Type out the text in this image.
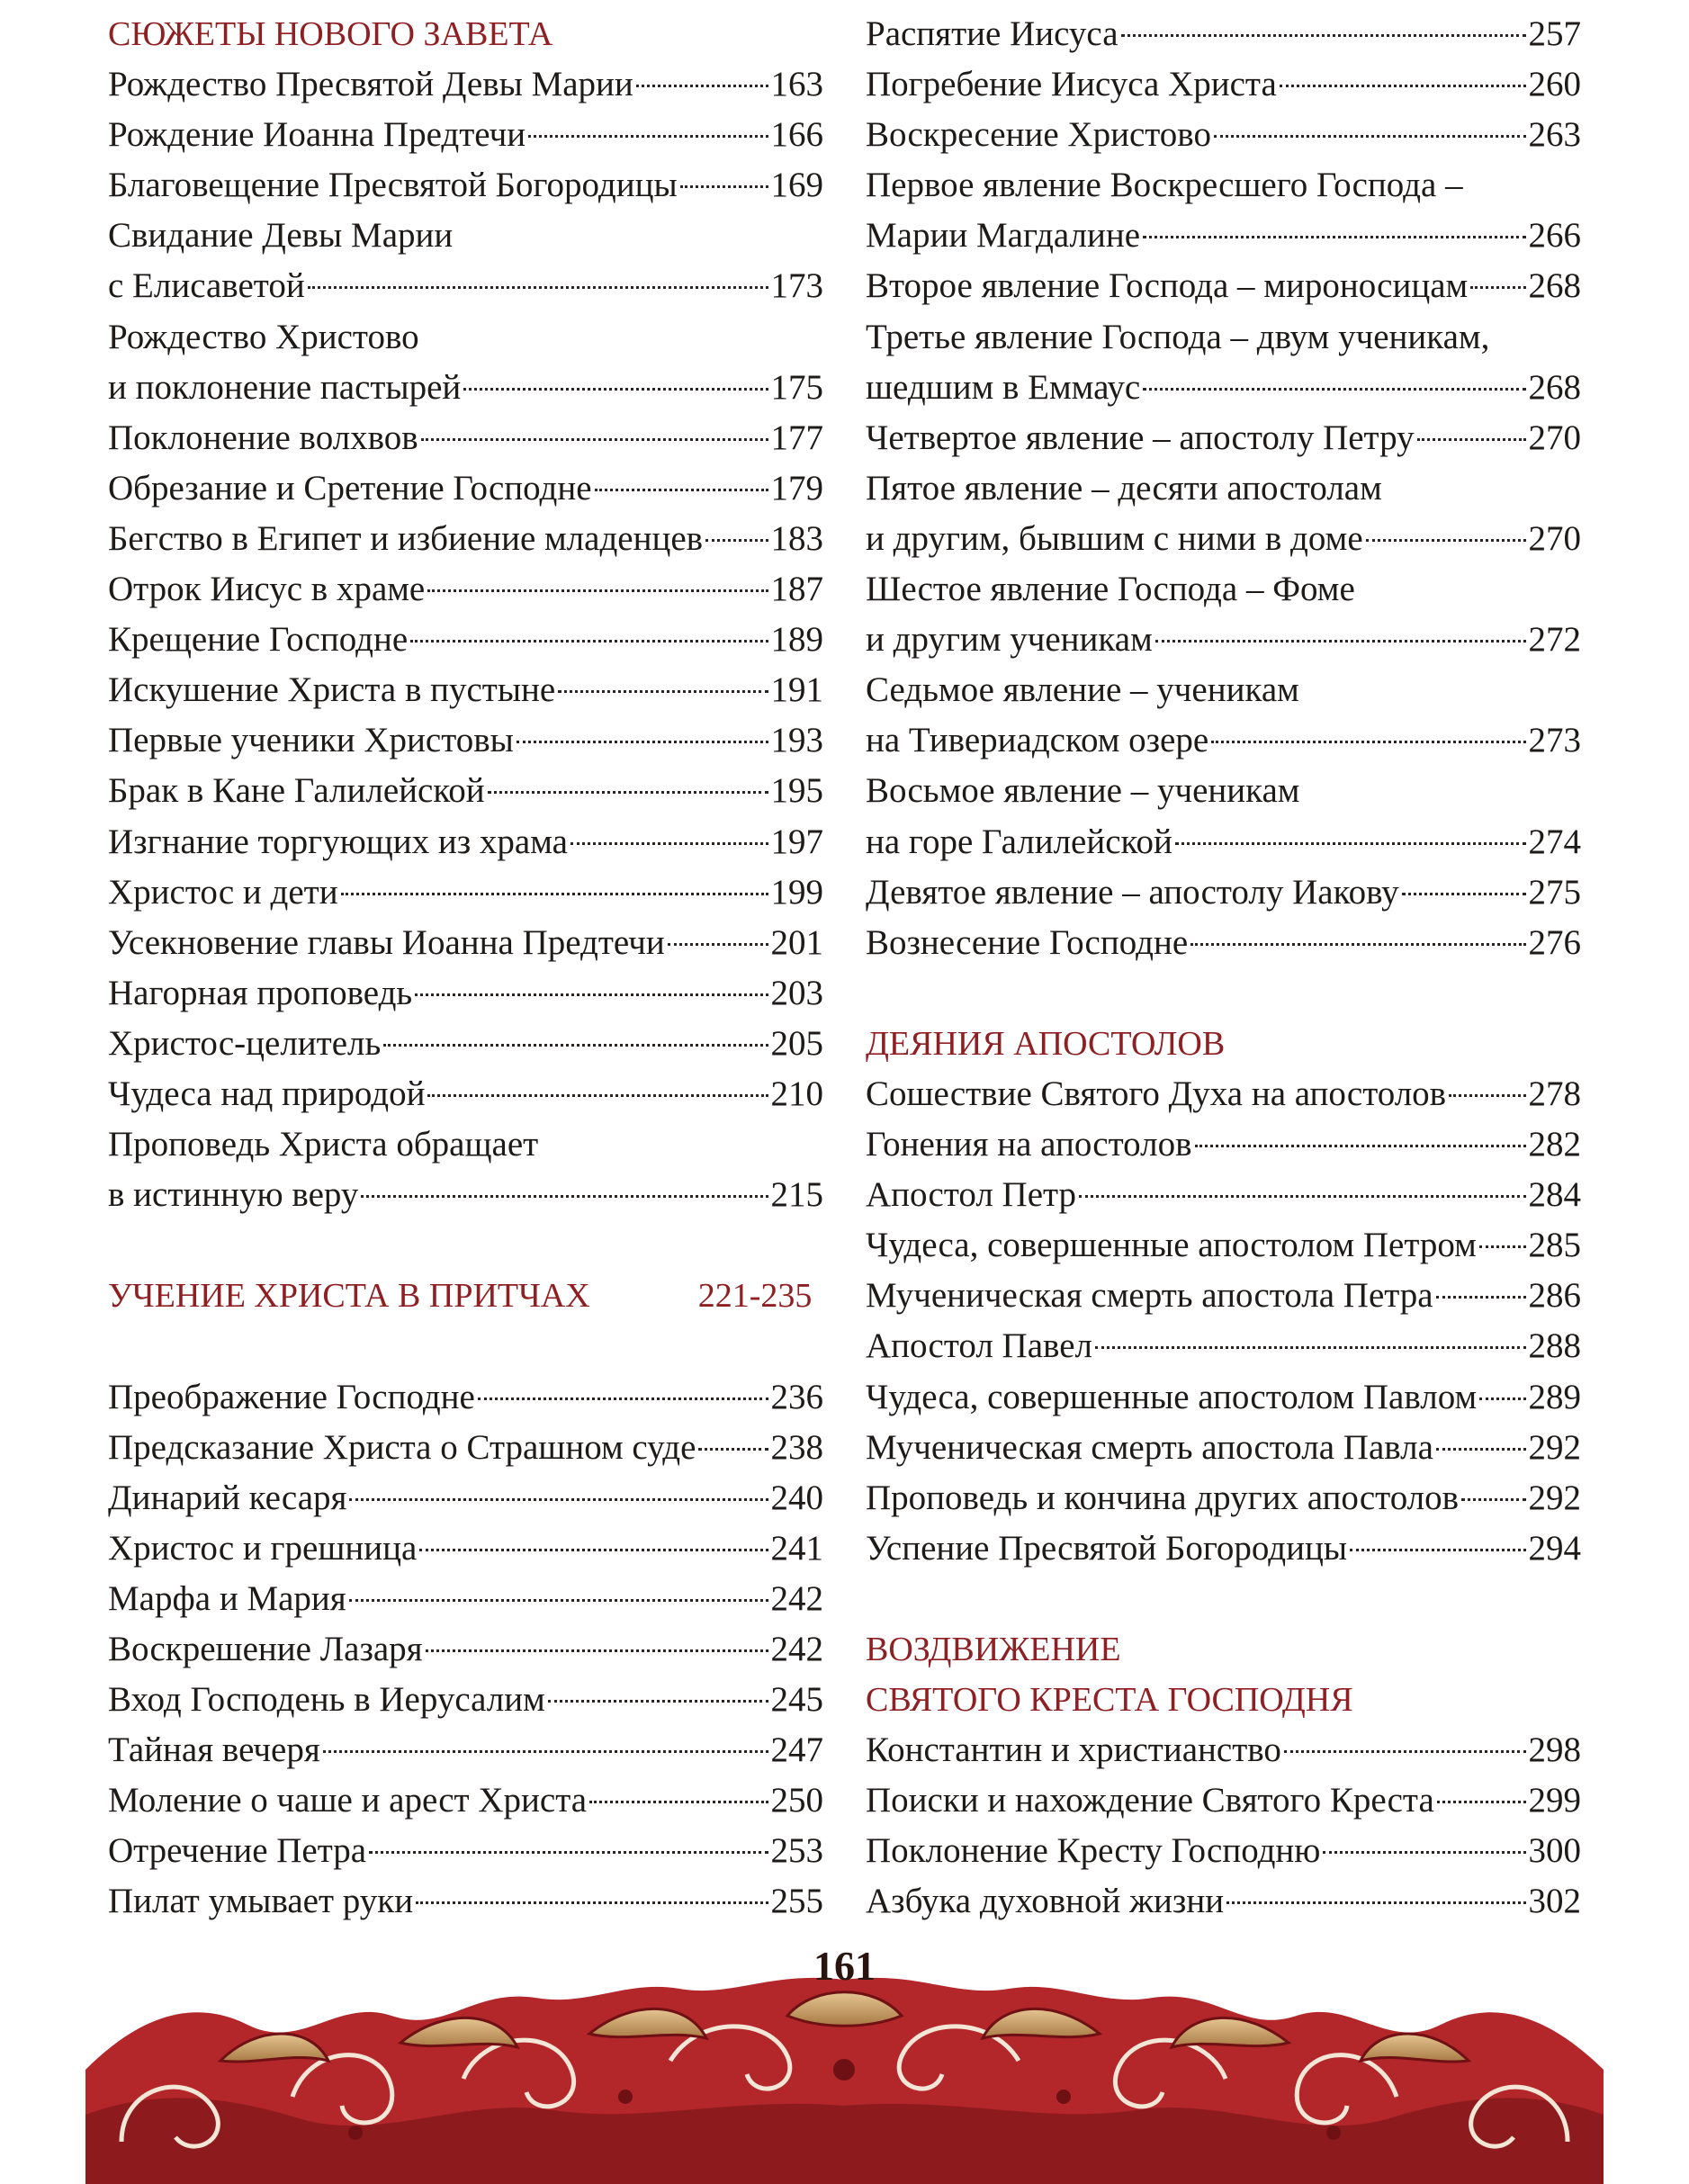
СЮЖЕТЫ НОВОГО ЗАВЕТА
Рождество Пресвятой Девы Марии	163
Рождение Иоанна Предтечи	166
Благовещение Пресвятой Богородицы	169
Свидание Девы Марии
с Елисаветой	173
Рождество Христово
и поклонение пастырей	175
Поклонение волхвов	177
Обрезание и Сретение Господне	179
Бегство в Египет и избиение младенцев 183
Отрок Иисус в храме	187
Крещение Господне	189
Искушение Христа в пустыне	191
Первые ученики Христовы	193
Брак в Кане Галилейской	195
Изгнание торгующих из храма	197
Христос и дети	199
Усекновение главы Иоанна Предтечи	201
Нагорная проповедь	203
Христос-целитель	205
Чудеса над природой	210
Проповедь Христа обращает
в истинную веру	215
УЧЕНИЕ ХРИСТА В ПРИТЧАХ	221-235
Преображение Господне	236
Предсказание Христа о Страшном суде 238
Динарий кесаря	240
Христос и грешница	241
Марфа и Мария	242
Воскрешение Лазаря	242
Вход Господень в Иерусалим	245
Тайная вечеря	247
Моление о чаше и арест Христа	250
Отречение Петра	253
Пилат умывает руки	255
Распятие Иисуса	257
Погребение Иисуса Христа	260
Воскресение Христово	263
Первое явление Воскресшего Господа –
Марии Магдалине	266
Второе явление Господа – мироносицам 268
Третье явление Господа – двум ученикам,
шедшим в Еммаус	268
Четвертое явление – апостолу Петру	270
Пятое явление – десяти апостолам
и другим, бывшим с ними в доме	270
Шестое явление Господа – Фоме
и другим ученикам	272
Седьмое явление – ученикам
на Тивериадском озере	273
Восьмое явление – ученикам
на горе Галилейской	274
Девятое явление – апостолу Иакову	275
Вознесение Господне	276
ДЕЯНИЯ АПОСТОЛОВ
Сошествие Святого Духа на апостолов 278
Гонения на апостолов	282
Апостол Петр	284
Чудеса, совершенные апостолом Петром 285
Мученическая смерть апостола Петра	286
Апостол Павел	288
Чудеса, совершенные апостолом Павлом 289
Мученическая смерть апостола Павла	292
Проповедь и кончина других апостолов 292
Успение Пресвятой Богородицы	294
ВОЗДВИЖЕНИЕ
СВЯТОГО КРЕСТА ГОСПОДНЯ
Константин и христианство	298
Поиски и нахождение Святого Креста	299
Поклонение Кресту Господню	300
Азбука духовной жизни	302
161
